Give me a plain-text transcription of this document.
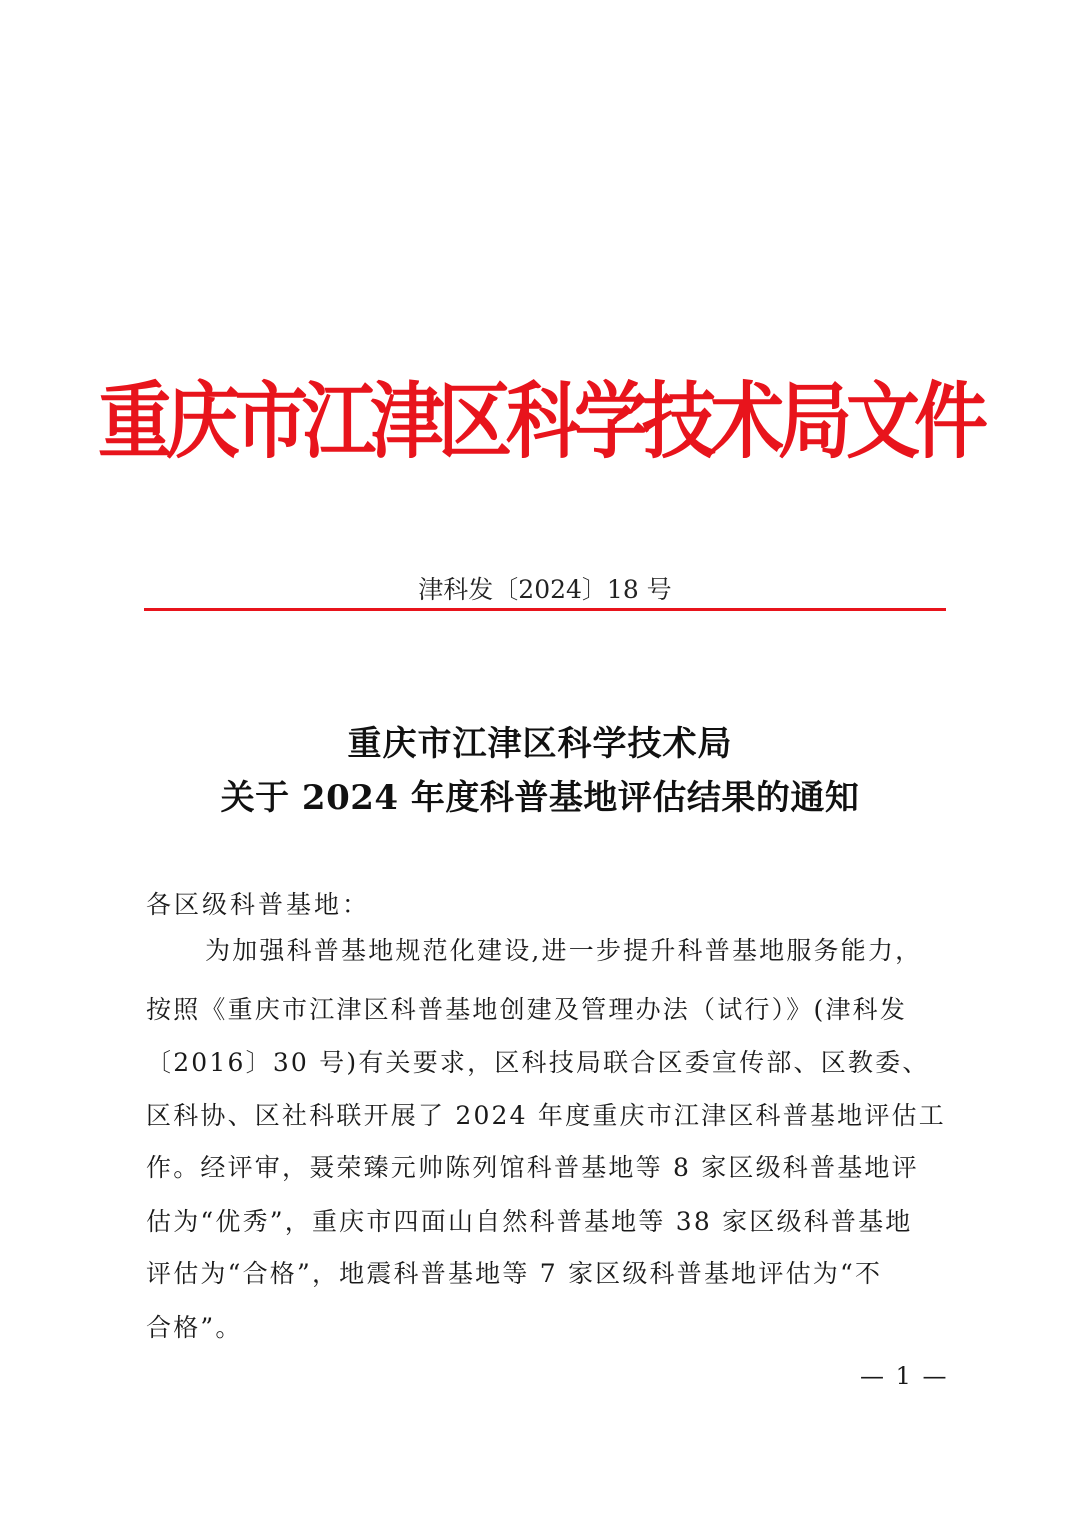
重庆市江津区科学技术局文件
津科发〔2024〕18 号
重庆市江津区科学技术局
关于 2024 年度科普基地评估结果的通知
各区级科普基地：
为加强科普基地规范化建设,进一步提升科普基地服务能力，
按照《重庆市江津区科普基地创建及管理办法（试行）》(津科发
〔2016〕30 号)有关要求，区科技局联合区委宣传部、区教委、
区科协、区社科联开展了 2024 年度重庆市江津区科普基地评估工
作。经评审，聂荣臻元帅陈列馆科普基地等 8 家区级科普基地评
估为“优秀”，重庆市四面山自然科普基地等 38 家区级科普基地
评估为“合格”，地震科普基地等 7 家区级科普基地评估为“不
合格”。
— 1 —
